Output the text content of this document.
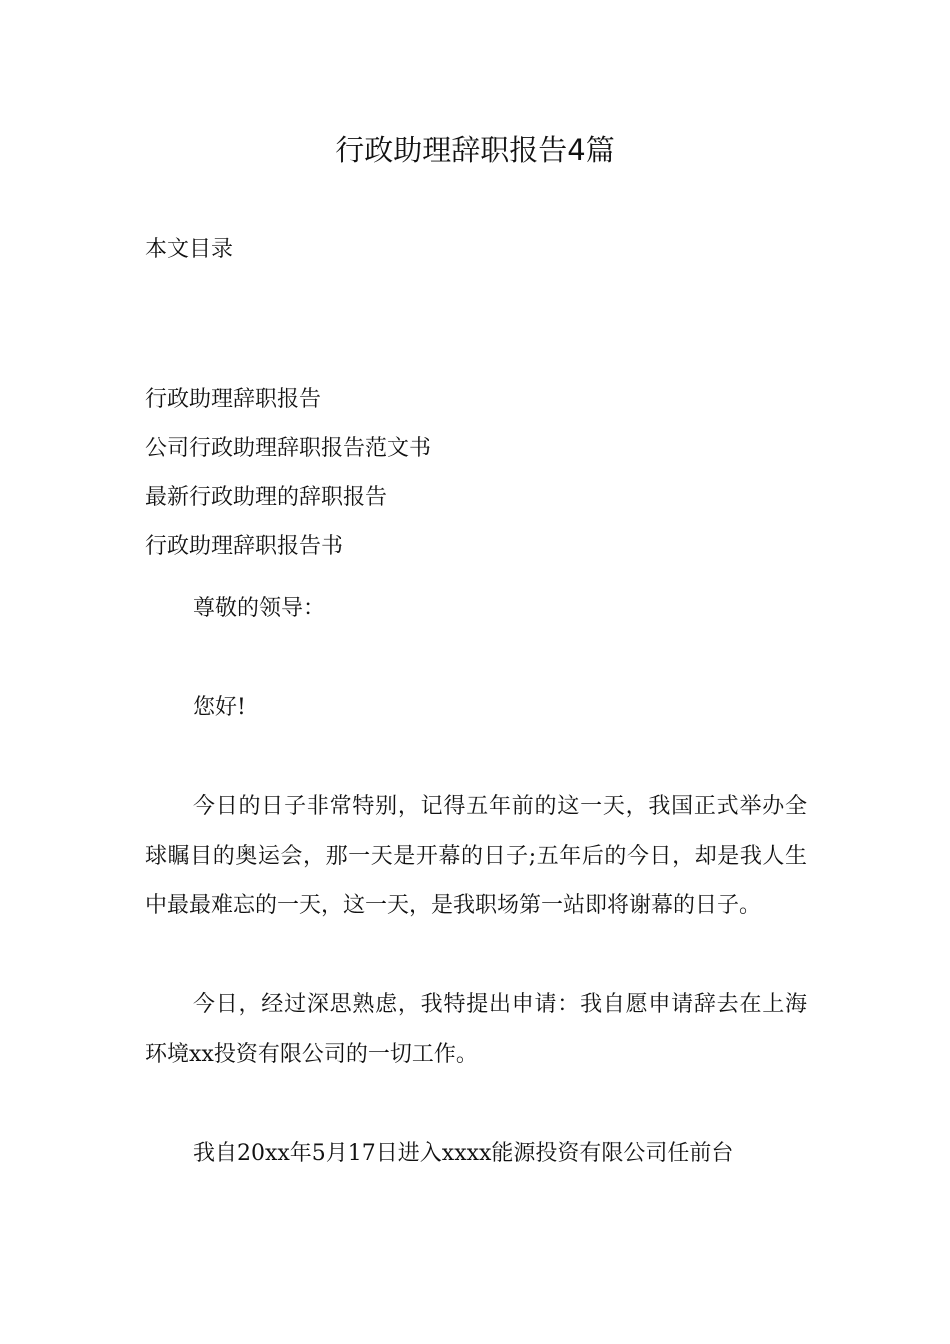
行政助理辞职报告4篇
本文目录
行政助理辞职报告
公司行政助理辞职报告范文书
最新行政助理的辞职报告
行政助理辞职报告书

尊敬的领导：

您好!

今日的日子非常特别，记得五年前的这一天，我国正式举办全球瞩目的奥运会，那一天是开幕的日子;五年后的今日，却是我人生中最最难忘的一天，这一天，是我职场第一站即将谢幕的日子。

今日，经过深思熟虑，我特提出申请：我自愿申请辞去在上海环境xx投资有限公司的一切工作。

我自20xx年5月17日进入xxxx能源投资有限公司任前台
